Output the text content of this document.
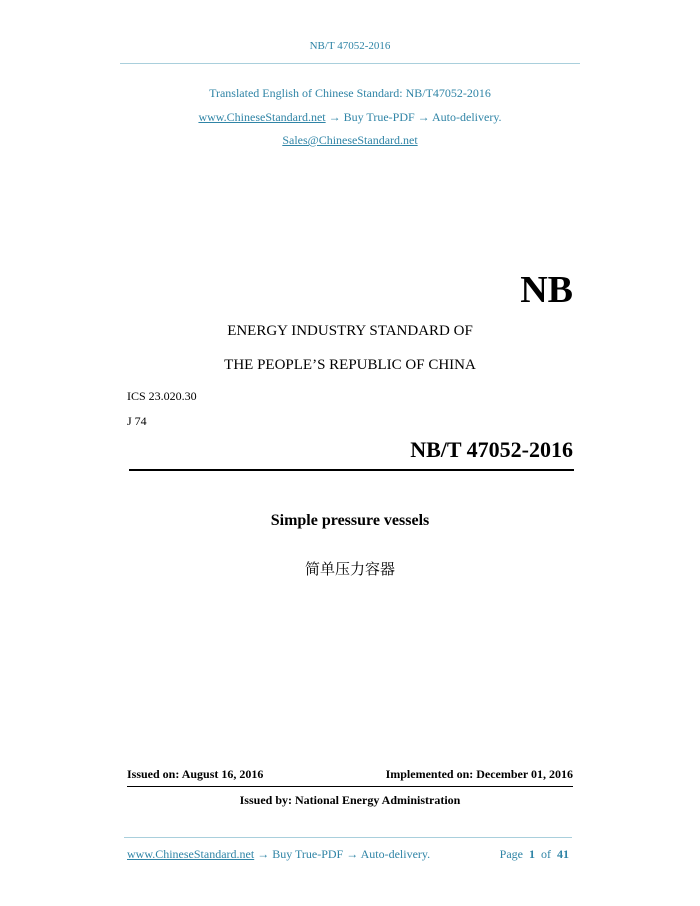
NB/T 47052-2016
Translated English of Chinese Standard: NB/T47052-2016
www.ChineseStandard.net → Buy True-PDF → Auto-delivery.
Sales@ChineseStandard.net
NB
ENERGY INDUSTRY STANDARD OF
THE PEOPLE’S REPUBLIC OF CHINA
ICS 23.020.30
J 74
NB/T 47052-2016
Simple pressure vessels
简单压力容器
Issued on: August 16, 2016	Implemented on: December 01, 2016
Issued by: National Energy Administration
www.ChineseStandard.net → Buy True-PDF → Auto-delivery.	Page 1 of 41
